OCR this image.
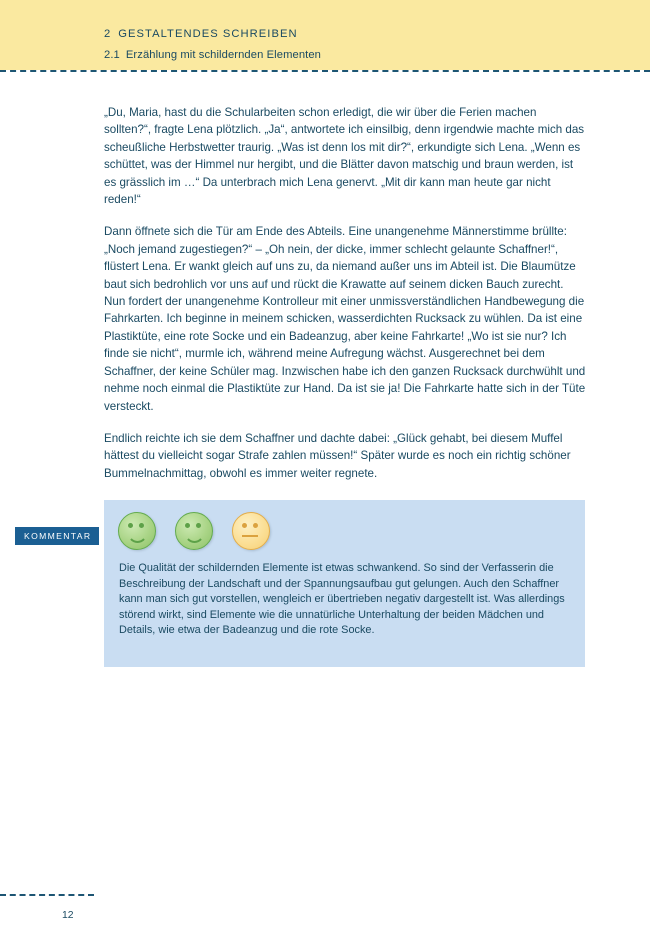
2 GESTALTENDES SCHREIBEN
2.1 Erzählung mit schildernden Elementen

„Du, Maria, hast du die Schularbeiten schon erledigt, die wir über die Ferien machen sollten?“, fragte Lena plötzlich. „Ja“, antwortete ich einsilbig, denn irgendwie machte mich das scheußliche Herbstwetter traurig. „Was ist denn los mit dir?“, erkundigte sich Lena. „Wenn es schüttet, was der Himmel nur hergibt, und die Blätter davon matschig und braun werden, ist es grässlich im …“ Da unterbrach mich Lena genervt. „Mit dir kann man heute gar nicht reden!“

Dann öffnete sich die Tür am Ende des Abteils. Eine unangenehme Männerstimme brüllte: „Noch jemand zugestiegen?“ – „Oh nein, der dicke, immer schlecht gelaunte Schaffner!“, flüstert Lena. Er wankt gleich auf uns zu, da niemand außer uns im Abteil ist. Die Blaumütze baut sich bedrohlich vor uns auf und rückt die Krawatte auf seinem dicken Bauch zurecht. Nun fordert der unangenehme Kontrolleur mit einer unmissverständlichen Handbewegung die Fahrkarten. Ich beginne in meinem schicken, wasserdichten Rucksack zu wühlen. Da ist eine Plastiktüte, eine rote Socke und ein Badeanzug, aber keine Fahrkarte! „Wo ist sie nur? Ich finde sie nicht“, murmle ich, während meine Aufregung wächst. Ausgerechnet bei dem Schaffner, der keine Schüler mag. Inzwischen habe ich den ganzen Rucksack durchwühlt und nehme noch einmal die Plastiktüte zur Hand. Da ist sie ja! Die Fahrkarte hatte sich in der Tüte versteckt.

Endlich reichte ich sie dem Schaffner und dachte dabei: „Glück gehabt, bei diesem Muffel hättest du vielleicht sogar Strafe zahlen müssen!“ Später wurde es noch ein richtig schöner Bummelnachmittag, obwohl es immer weiter regnete.

KOMMENTAR
Die Qualität der schildernden Elemente ist etwas schwankend. So sind der Verfasserin die Beschreibung der Landschaft und der Spannungsaufbau gut gelungen. Auch den Schaffner kann man sich gut vorstellen, wengleich er übertrieben negativ dargestellt ist. Was allerdings störend wirkt, sind Elemente wie die unnatürliche Unterhaltung der beiden Mädchen und Details, wie etwa der Badeanzug und die rote Socke.
12
